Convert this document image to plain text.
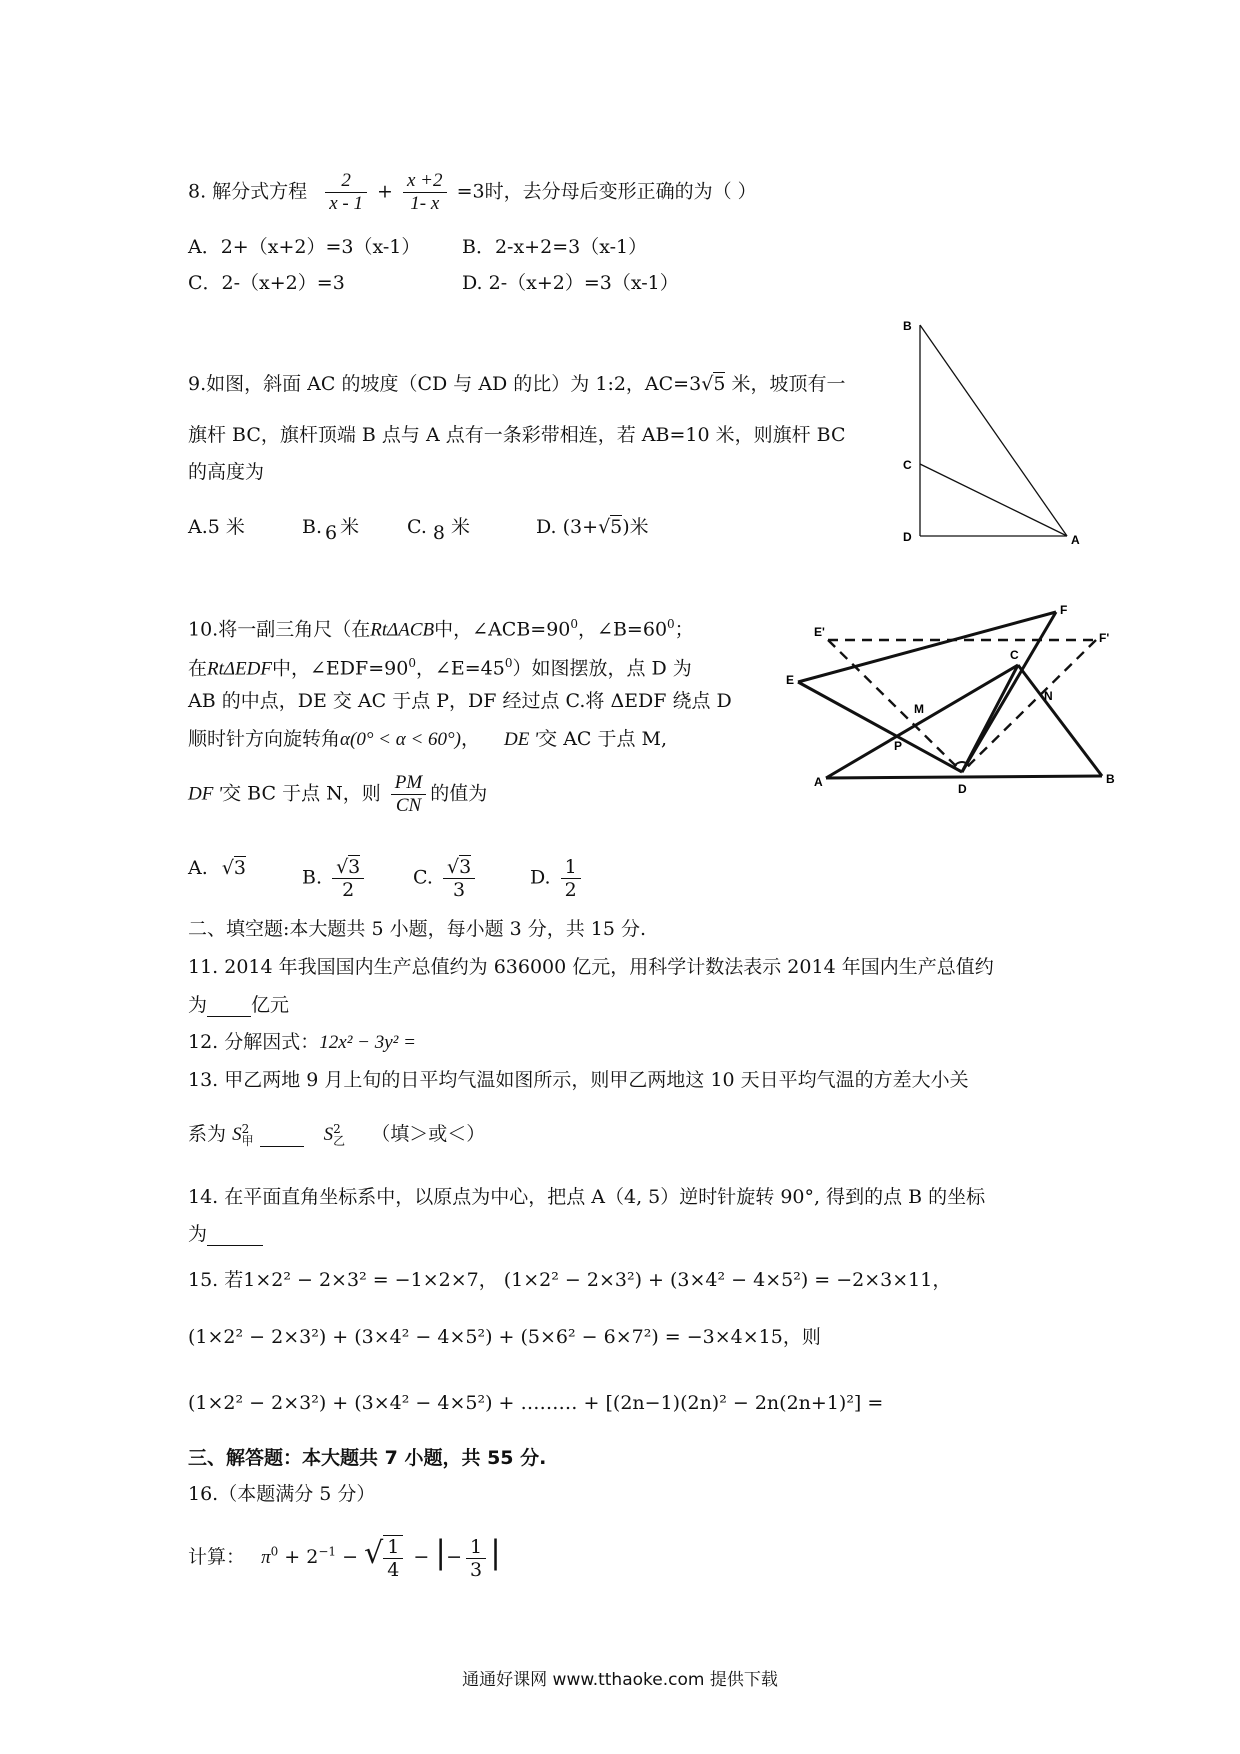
8. 解分式方程 $\frac{2}{x - 1} + \frac{x +2}{1- x} =3$时，去分母后变形正确的为（ ）
A．2+（x+2）=3（x-1） B．2-x+2=3（x-1）
C．2-（x+2）=3	D. 2-（x+2）=3（x-1）
9.如图，斜面 AC 的坡度（CD 与 AD 的比）为 1:2，AC=3√5 米，坡顶有一
旗杆 BC，旗杆顶端 B 点与 A 点有一条彩带相连，若 AB=10 米，则旗杆 BC
的高度为
A.5 米	B. 6 米	C. 8 米	D. (3+√5)米
B
C
D	A
10.将一副三角尺（在RtΔACB中，$\angle ACB=90^0$，$\angle B=60^0$；
在RtΔEDF中，$\angle EDF=90^0$，$\angle E=45^0$）如图摆放，点 D 为
AB 的中点，DE 交 AC 于点 P，DF 经过点 C.将 ΔEDF 绕点 D
顺时针方向旋转角α(0° < α < 60°)， DE '交 AC 于点 M,
DF '交 BC 于点 N，则 $\frac{PM}{CN}$ 的值为
A. √3	B. $\frac{√3}{2}$	C. $\frac{√3}{3}$	D. $\frac{1}{2}$
E'
F
F'
E
C
N
M
P
A	D
B
二、填空题:本大题共 5 小题，每小题 3 分，共 15 分.
11. 2014 年我国国内生产总值约为 636000 亿元，用科学计数法表示 2014 年国内生产总值约
为 亿元
12. 分解因式：12x² − 3y² =
13. 甲乙两地 9 月上旬的日平均气温如图所示，则甲乙两地这 10 天日平均气温的方差大小关
系为 S 2
甲	S 2
乙 （填＞或＜）
14. 在平面直角坐标系中，以原点为中心，把点 A（4, 5）逆时针旋转 90°, 得到的点 B 的坐标
为
15. 若1×2² − 2×3² = −1×2×7， (1×2² − 2×3²) + (3×4² − 4×5²) = −2×3×11，
(1×2² − 2×3²) + (3×4² − 4×5²) + (5×6² − 6×7²) = −3×4×15，则
(1×2² − 2×3²) + (3×4² − 4×5²) + ……… + [(2n−1)(2n)² − 2n(2n+1)²] =
三、解答题：本大题共 7 小题，共 55 分.
16.（本题满分 5 分）
计算： $\pi^0 + 2^{-1}$ − √ $\frac{1}{4}$ − |− $\frac{1}{3}$ |
通通好课网 www.tthaoke.com 提供下载
